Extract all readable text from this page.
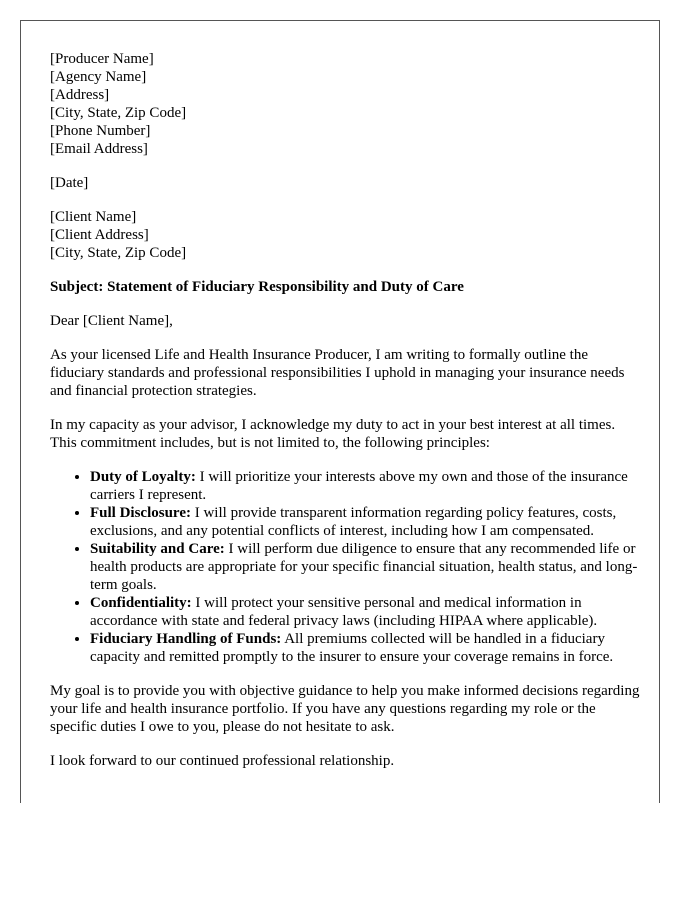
[Producer Name]
[Agency Name]
[Address]
[City, State, Zip Code]
[Phone Number]
[Email Address]
[Date]
[Client Name]
[Client Address]
[City, State, Zip Code]
Subject: Statement of Fiduciary Responsibility and Duty of Care

Dear [Client Name],

As your licensed Life and Health Insurance Producer, I am writing to formally outline the fiduciary standards and professional responsibilities I uphold in managing your insurance needs and financial protection strategies.

In my capacity as your advisor, I acknowledge my duty to act in your best interest at all times. This commitment includes, but is not limited to, the following principles:

• Duty of Loyalty: I will prioritize your interests above my own and those of the insurance carriers I represent.
• Full Disclosure: I will provide transparent information regarding policy features, costs, exclusions, and any potential conflicts of interest, including how I am compensated.
• Suitability and Care: I will perform due diligence to ensure that any recommended life or health products are appropriate for your specific financial situation, health status, and long-term goals.
• Confidentiality: I will protect your sensitive personal and medical information in accordance with state and federal privacy laws (including HIPAA where applicable).
• Fiduciary Handling of Funds: All premiums collected will be handled in a fiduciary capacity and remitted promptly to the insurer to ensure your coverage remains in force.

My goal is to provide you with objective guidance to help you make informed decisions regarding your life and health insurance portfolio. If you have any questions regarding my role or the specific duties I owe to you, please do not hesitate to ask.

I look forward to our continued professional relationship.
